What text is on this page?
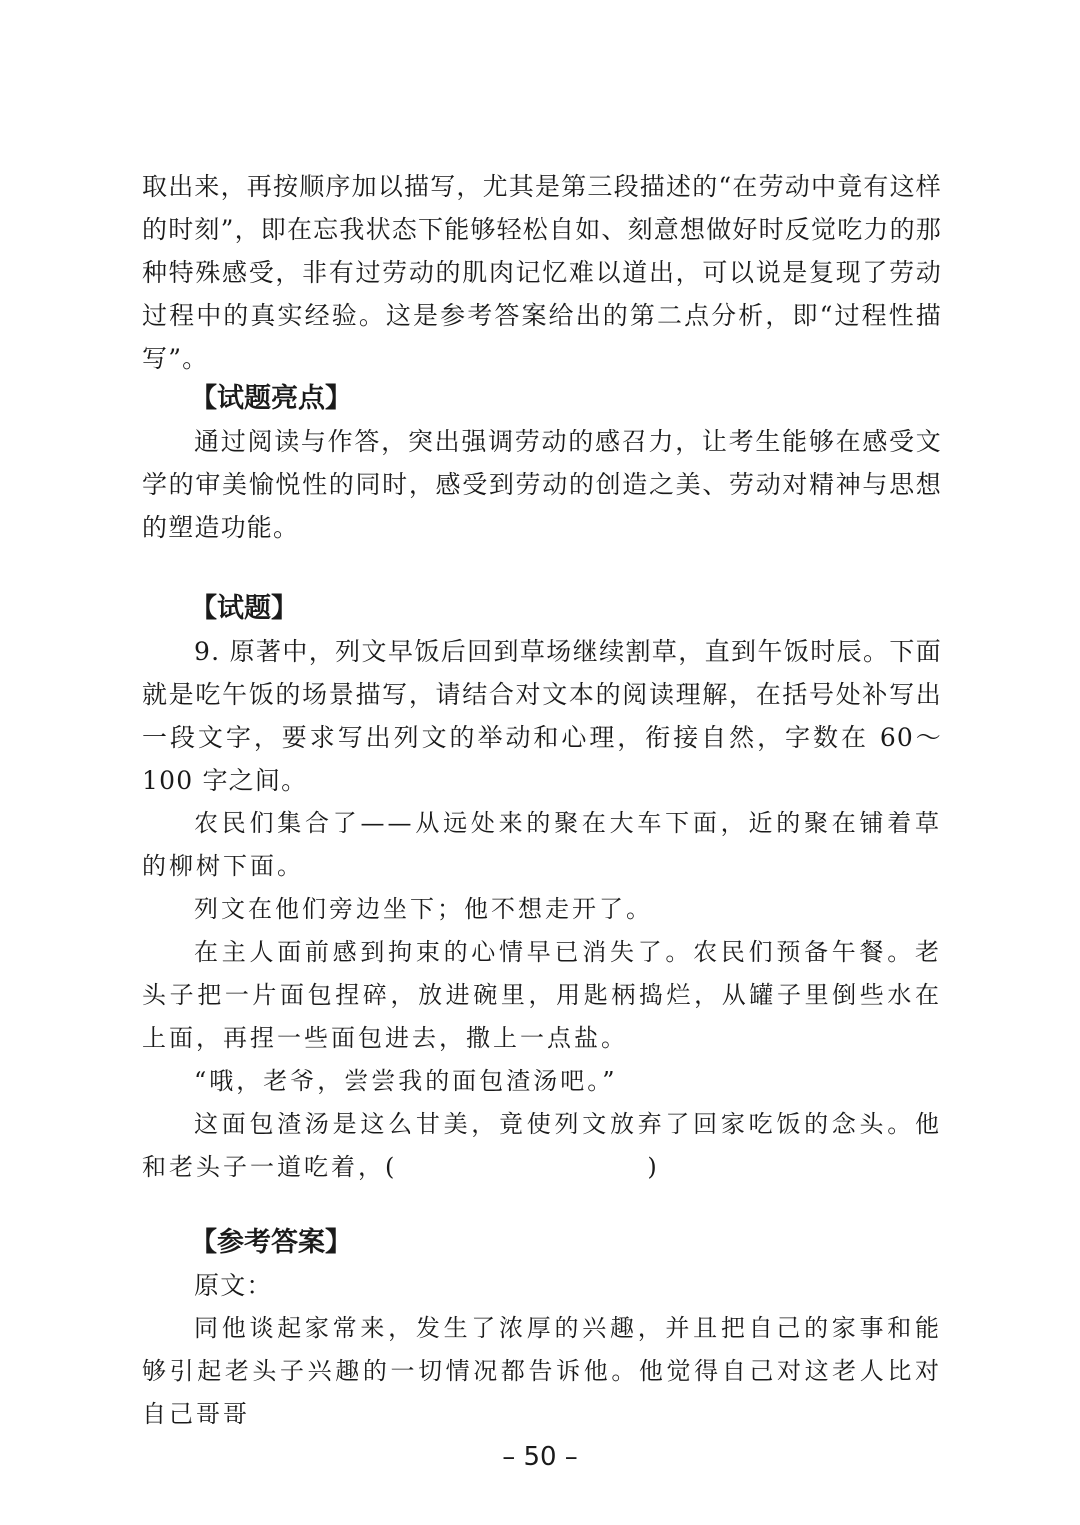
取出来，再按顺序加以描写，尤其是第三段描述的“在劳动中竟有这样的时刻”，即在忘我状态下能够轻松自如、刻意想做好时反觉吃力的那种特殊感受，非有过劳动的肌肉记忆难以道出，可以说是复现了劳动过程中的真实经验。这是参考答案给出的第二点分析，即“过程性描写”。

【试题亮点】

通过阅读与作答，突出强调劳动的感召力，让考生能够在感受文学的审美愉悦性的同时，感受到劳动的创造之美、劳动对精神与思想的塑造功能。

【试题】

9. 原著中，列文早饭后回到草场继续割草，直到午饭时辰。下面就是吃午饭的场景描写，请结合对文本的阅读理解，在括号处补写出一段文字，要求写出列文的举动和心理，衔接自然，字数在 60～100 字之间。

农民们集合了——从远处来的聚在大车下面，近的聚在铺着草的柳树下面。

列文在他们旁边坐下；他不想走开了。

在主人面前感到拘束的心情早已消失了。农民们预备午餐。老头子把一片面包捏碎，放进碗里，用匙柄捣烂，从罐子里倒些水在上面，再捏一些面包进去，撒上一点盐。

“哦，老爷，尝尝我的面包渣汤吧。”

这面包渣汤是这么甘美，竟使列文放弃了回家吃饭的念头。他和老头子一道吃着，(	)

【参考答案】

原文：

同他谈起家常来，发生了浓厚的兴趣，并且把自己的家事和能够引起老头子兴趣的一切情况都告诉他。他觉得自己对这老人比对自己哥哥

– 50 –
